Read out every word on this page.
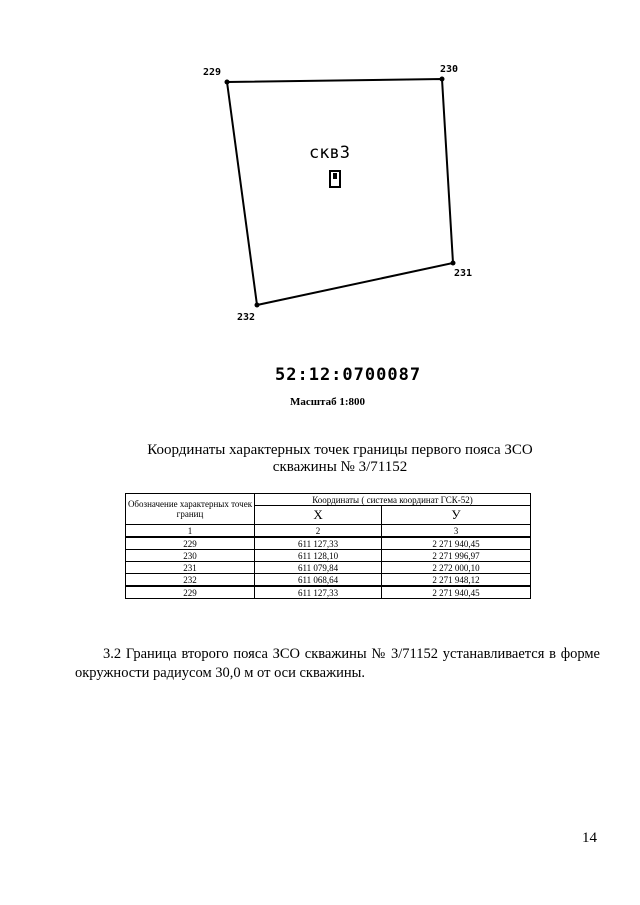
229	230
231
232
скв3
52:12:0700087
Масштаб 1:800
Координаты характерных точек границы первого пояса ЗСО
скважины № 3/71152
Обозначение характерных точек границ	Координаты ( система координат ГСК-52)	
	X	У
1	2	3
229	611 127,33	2 271 940,45
230	611 128,10	2 271 996,97
231	611 079,84	2 272 000,10
232	611 068,64	2 271 948,12
229	611 127,33	2 271 940,45
3.2 Граница второго пояса ЗСО скважины № 3/71152 устанавливается в форме окружности радиусом 30,0 м от оси скважины.
14
